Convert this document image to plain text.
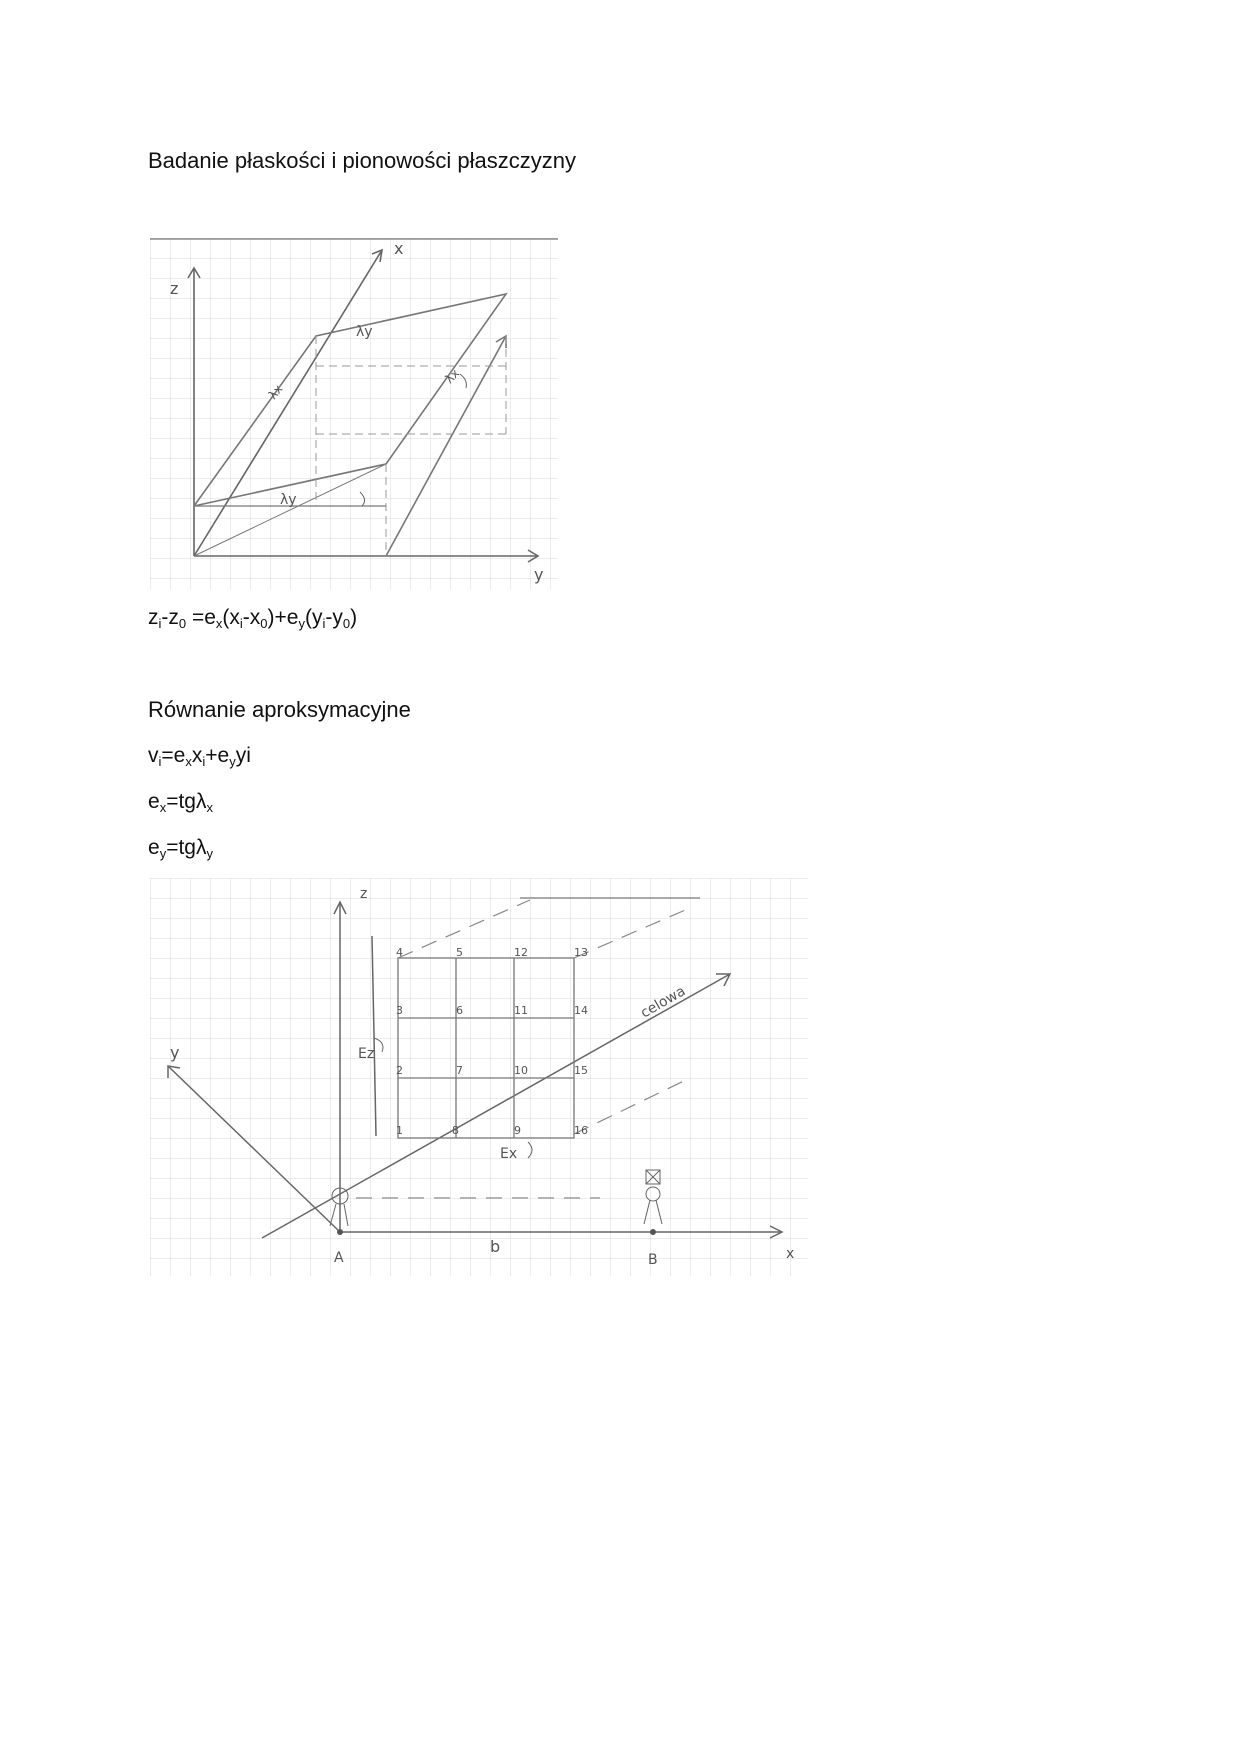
Badanie płaskości i pionowości płaszczyzny
x
y
z
λy
λx
λx
λy
$z_i-z_0 =e_x(x_i-x_0)+e_y(y_i-y_0)$
Równanie aproksymacyjne
$v_i=e_xx_i+e_yyi$
$e_x=tg\lambda_x$
$e_y=tg\lambda_y$
z
y
x
A	B
b
Ez
Ex
celowa
1
2
3
4	5
6
7
8	9
10
11
12	13
14
15
16
